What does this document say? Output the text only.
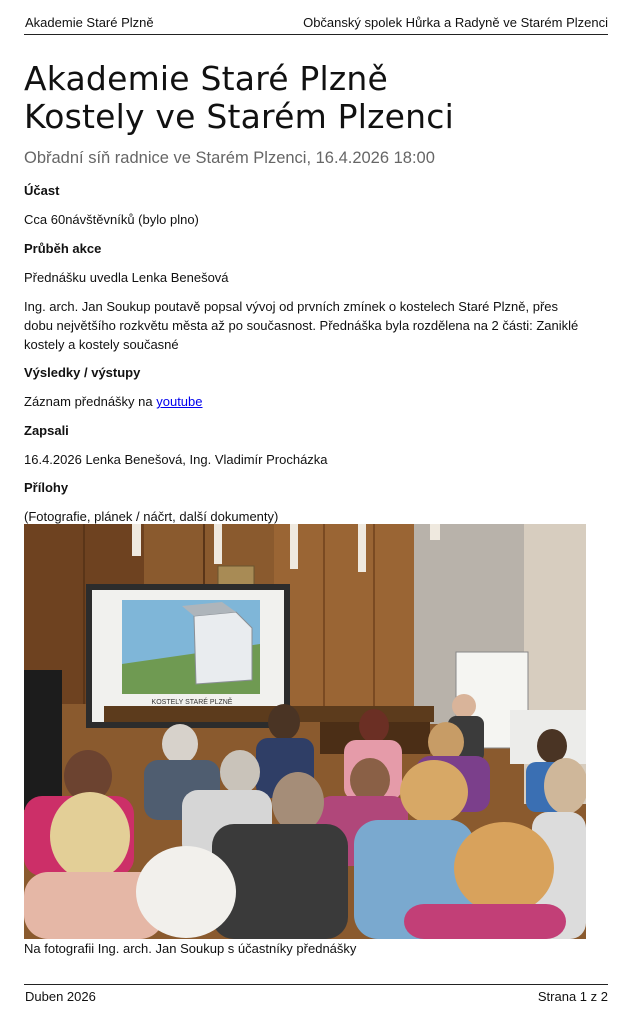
Akademie Staré Plzně	Občanský spolek Hůrka a Radyně ve Starém Plzenci
Akademie Staré Plzně
Kostely ve Starém Plzenci
Obřadní síň radnice ve Starém Plzenci, 16.4.2026 18:00
Účast
Cca 60návštěvníků (bylo plno)
Průběh akce
Přednášku uvedla Lenka Benešová
Ing. arch. Jan Soukup poutavě popsal vývoj od prvních zmínek o kostelech Staré Plzně, přes dobu největšího rozkvětu města až po současnost. Přednáška byla rozdělena na 2 části: Zaniklé kostely a kostely současné
Výsledky / výstupy
Záznam přednášky na youtube
Zapsali
16.4.2026 Lenka Benešová, Ing. Vladimír Procházka
Přílohy
(Fotografie, plánek / náčrt, další dokumenty)
KOSTELY STARÉ PLZNĚ
Na fotografii Ing. arch. Jan Soukup s účastníky přednášky
Duben 2026	Strana 1 z 2
